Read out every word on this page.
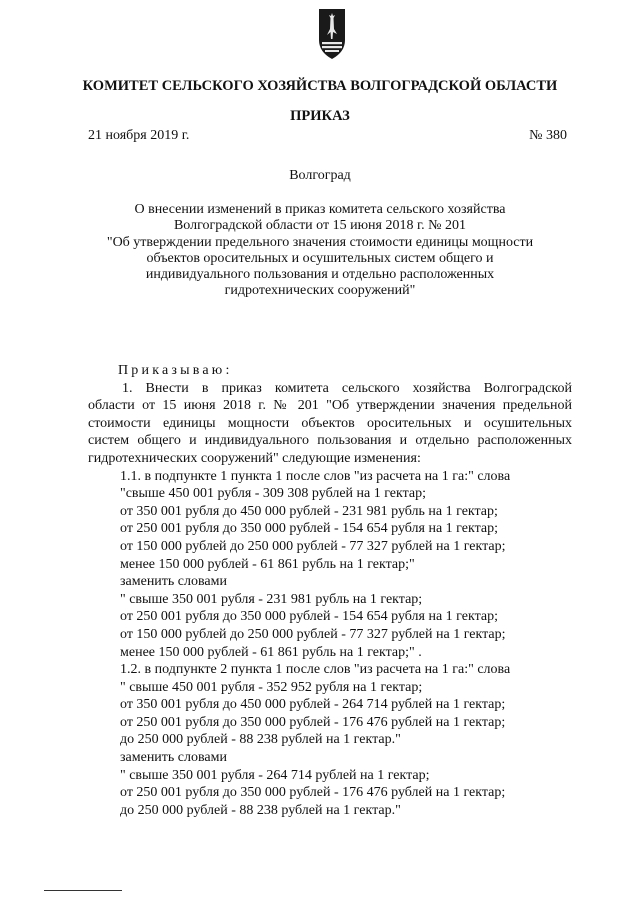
КОМИТЕТ СЕЛЬСКОГО ХОЗЯЙСТВА ВОЛГОГРАДСКОЙ ОБЛАСТИ
ПРИКАЗ
21 ноября 2019 г.	№ 380
Волгоград
О внесении изменений в приказ комитета сельского хозяйства
Волгоградской области от 15 июня 2018 г. № 201
"Об утверждении предельного значения стоимости единицы мощности
объектов оросительных и осушительных систем общего и
индивидуального пользования и отдельно расположенных
гидротехнических сооружений"
Приказываю:
1. Внести в приказ комитета сельского хозяйства Волгоградской
области от 15 июня 2018 г. № 201 "Об утверждении значения предельной
стоимости единицы мощности объектов оросительных и осушительных
систем общего и индивидуального пользования и отдельно расположенных
гидротехнических сооружений" следующие изменения:
1.1. в подпункте 1 пункта 1 после слов "из расчета на 1 га:" слова
"свыше 450 001 рубля - 309 308 рублей на 1 гектар;
от 350 001 рубля до 450 000 рублей - 231 981 рубль на 1 гектар;
от 250 001 рубля до 350 000 рублей - 154 654 рубля на 1 гектар;
от 150 000 рублей до 250 000 рублей - 77 327 рублей на 1 гектар;
менее 150 000 рублей - 61 861 рубль на 1 гектар;"
заменить словами
" свыше 350 001 рубля - 231 981 рубль на 1 гектар;
от 250 001 рубля до 350 000 рублей - 154 654 рубля на 1 гектар;
от 150 000 рублей до 250 000 рублей - 77 327 рублей на 1 гектар;
менее 150 000 рублей - 61 861 рубль на 1 гектар;" .
1.2. в подпункте 2 пункта 1 после слов "из расчета на 1 га:" слова
" свыше 450 001 рубля - 352 952 рубля на 1 гектар;
от 350 001 рубля до 450 000 рублей - 264 714 рублей на 1 гектар;
от 250 001 рубля до 350 000 рублей - 176 476 рублей на 1 гектар;
до 250 000 рублей - 88 238 рублей на 1 гектар."
заменить словами
" свыше 350 001 рубля - 264 714 рублей на 1 гектар;
от 250 001 рубля до 350 000 рублей - 176 476 рублей на 1 гектар;
до 250 000 рублей - 88 238 рублей на 1 гектар."
